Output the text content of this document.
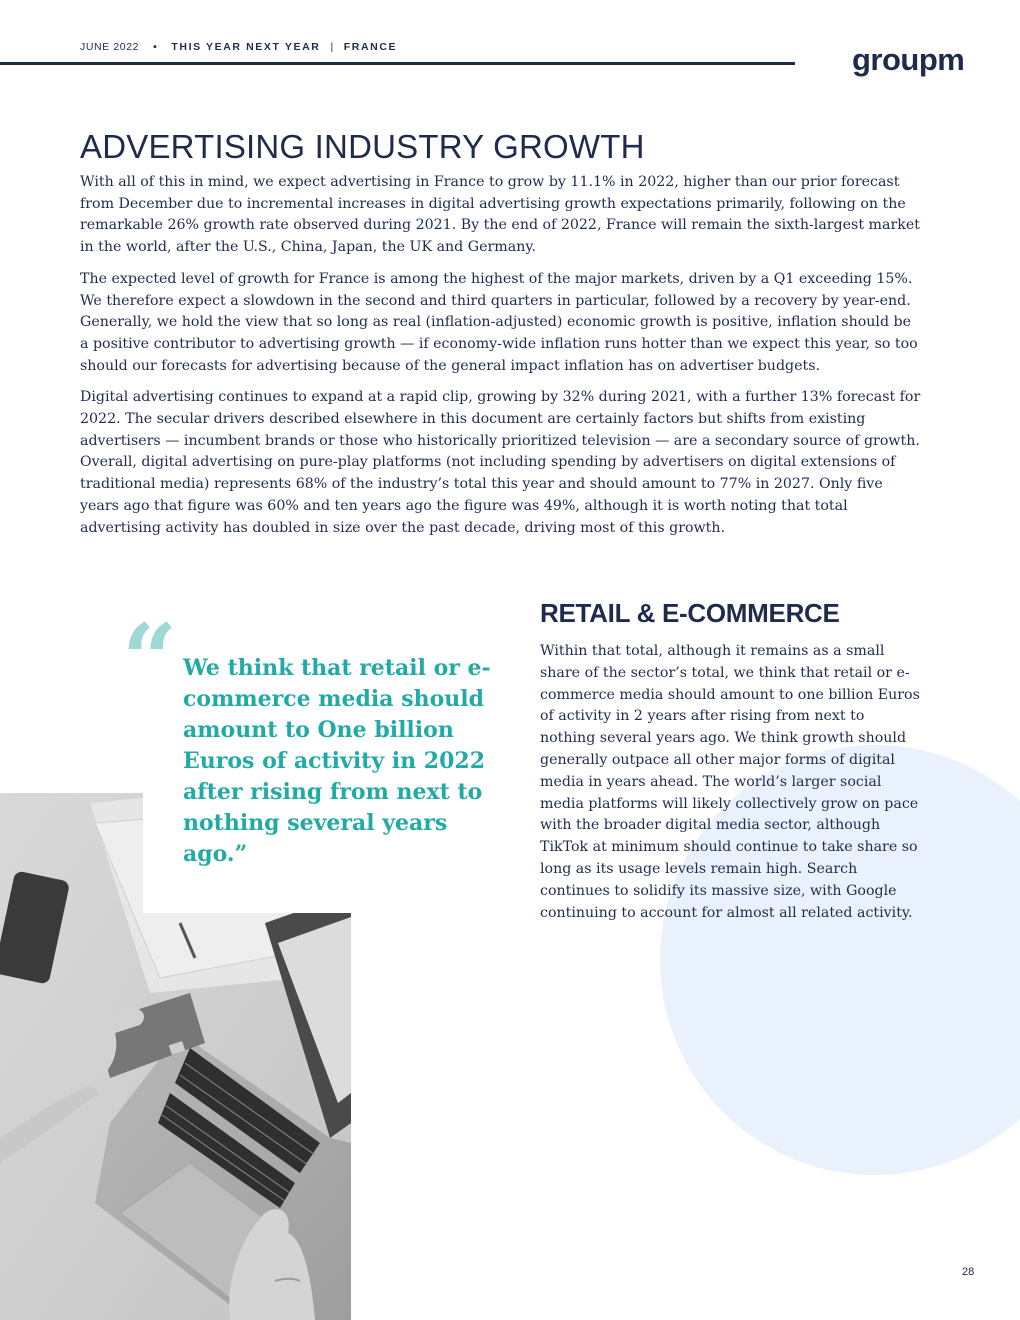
JUNE 2022 • THIS YEAR NEXT YEAR | FRANCE	groupm
ADVERTISING INDUSTRY GROWTH

With all of this in mind, we expect advertising in France to grow by 11.1% in 2022, higher than our prior forecast from December due to incremental increases in digital advertising growth expectations primarily, following on the remarkable 26% growth rate observed during 2021. By the end of 2022, France will remain the sixth-largest market in the world, after the U.S., China, Japan, the UK and Germany.

The expected level of growth for France is among the highest of the major markets, driven by a Q1 exceeding 15%. We therefore expect a slowdown in the second and third quarters in particular, followed by a recovery by year-end. Generally, we hold the view that so long as real (inflation-adjusted) economic growth is positive, inflation should be

a positive contributor to advertising growth — if economy-wide inflation runs hotter than we expect this year, so too should our forecasts for advertising because of the general impact inflation has on advertiser budgets.

Digital advertising continues to expand at a rapid clip, growing by 32% during 2021, with a further 13% forecast for 2022. The secular drivers described elsewhere in this document are certainly factors but shifts from existing advertisers — incumbent brands or those who historically prioritized television — are a secondary source of growth. Overall, digital advertising on pure-play platforms (not including spending by advertisers on digital extensions of traditional media) represents 68% of the industry’s total this year and should amount to 77% in 2027. Only five years ago that figure was 60% and ten years ago the figure was 49%, although it is worth noting that total advertising activity has doubled in size over the past decade, driving most of this growth.

“ We think that retail or e-commerce media should amount to One billion Euros of activity in 2022 after rising from next to nothing several years ago.”
RETAIL & E-COMMERCE
Within that total, although it remains as a small share of the sector’s total, we think that retail or e-commerce media should amount to one billion Euros of activity in 2 years after rising from next to nothing several years ago. We think growth should generally outpace all other major forms of digital media in years ahead. The world’s larger social media platforms will likely collectively grow on pace with the broader digital media sector, although TikTok at minimum should continue to take share so long as its usage levels remain high. Search continues to solidify its massive size, with Google continuing to account for almost all related activity.
28
